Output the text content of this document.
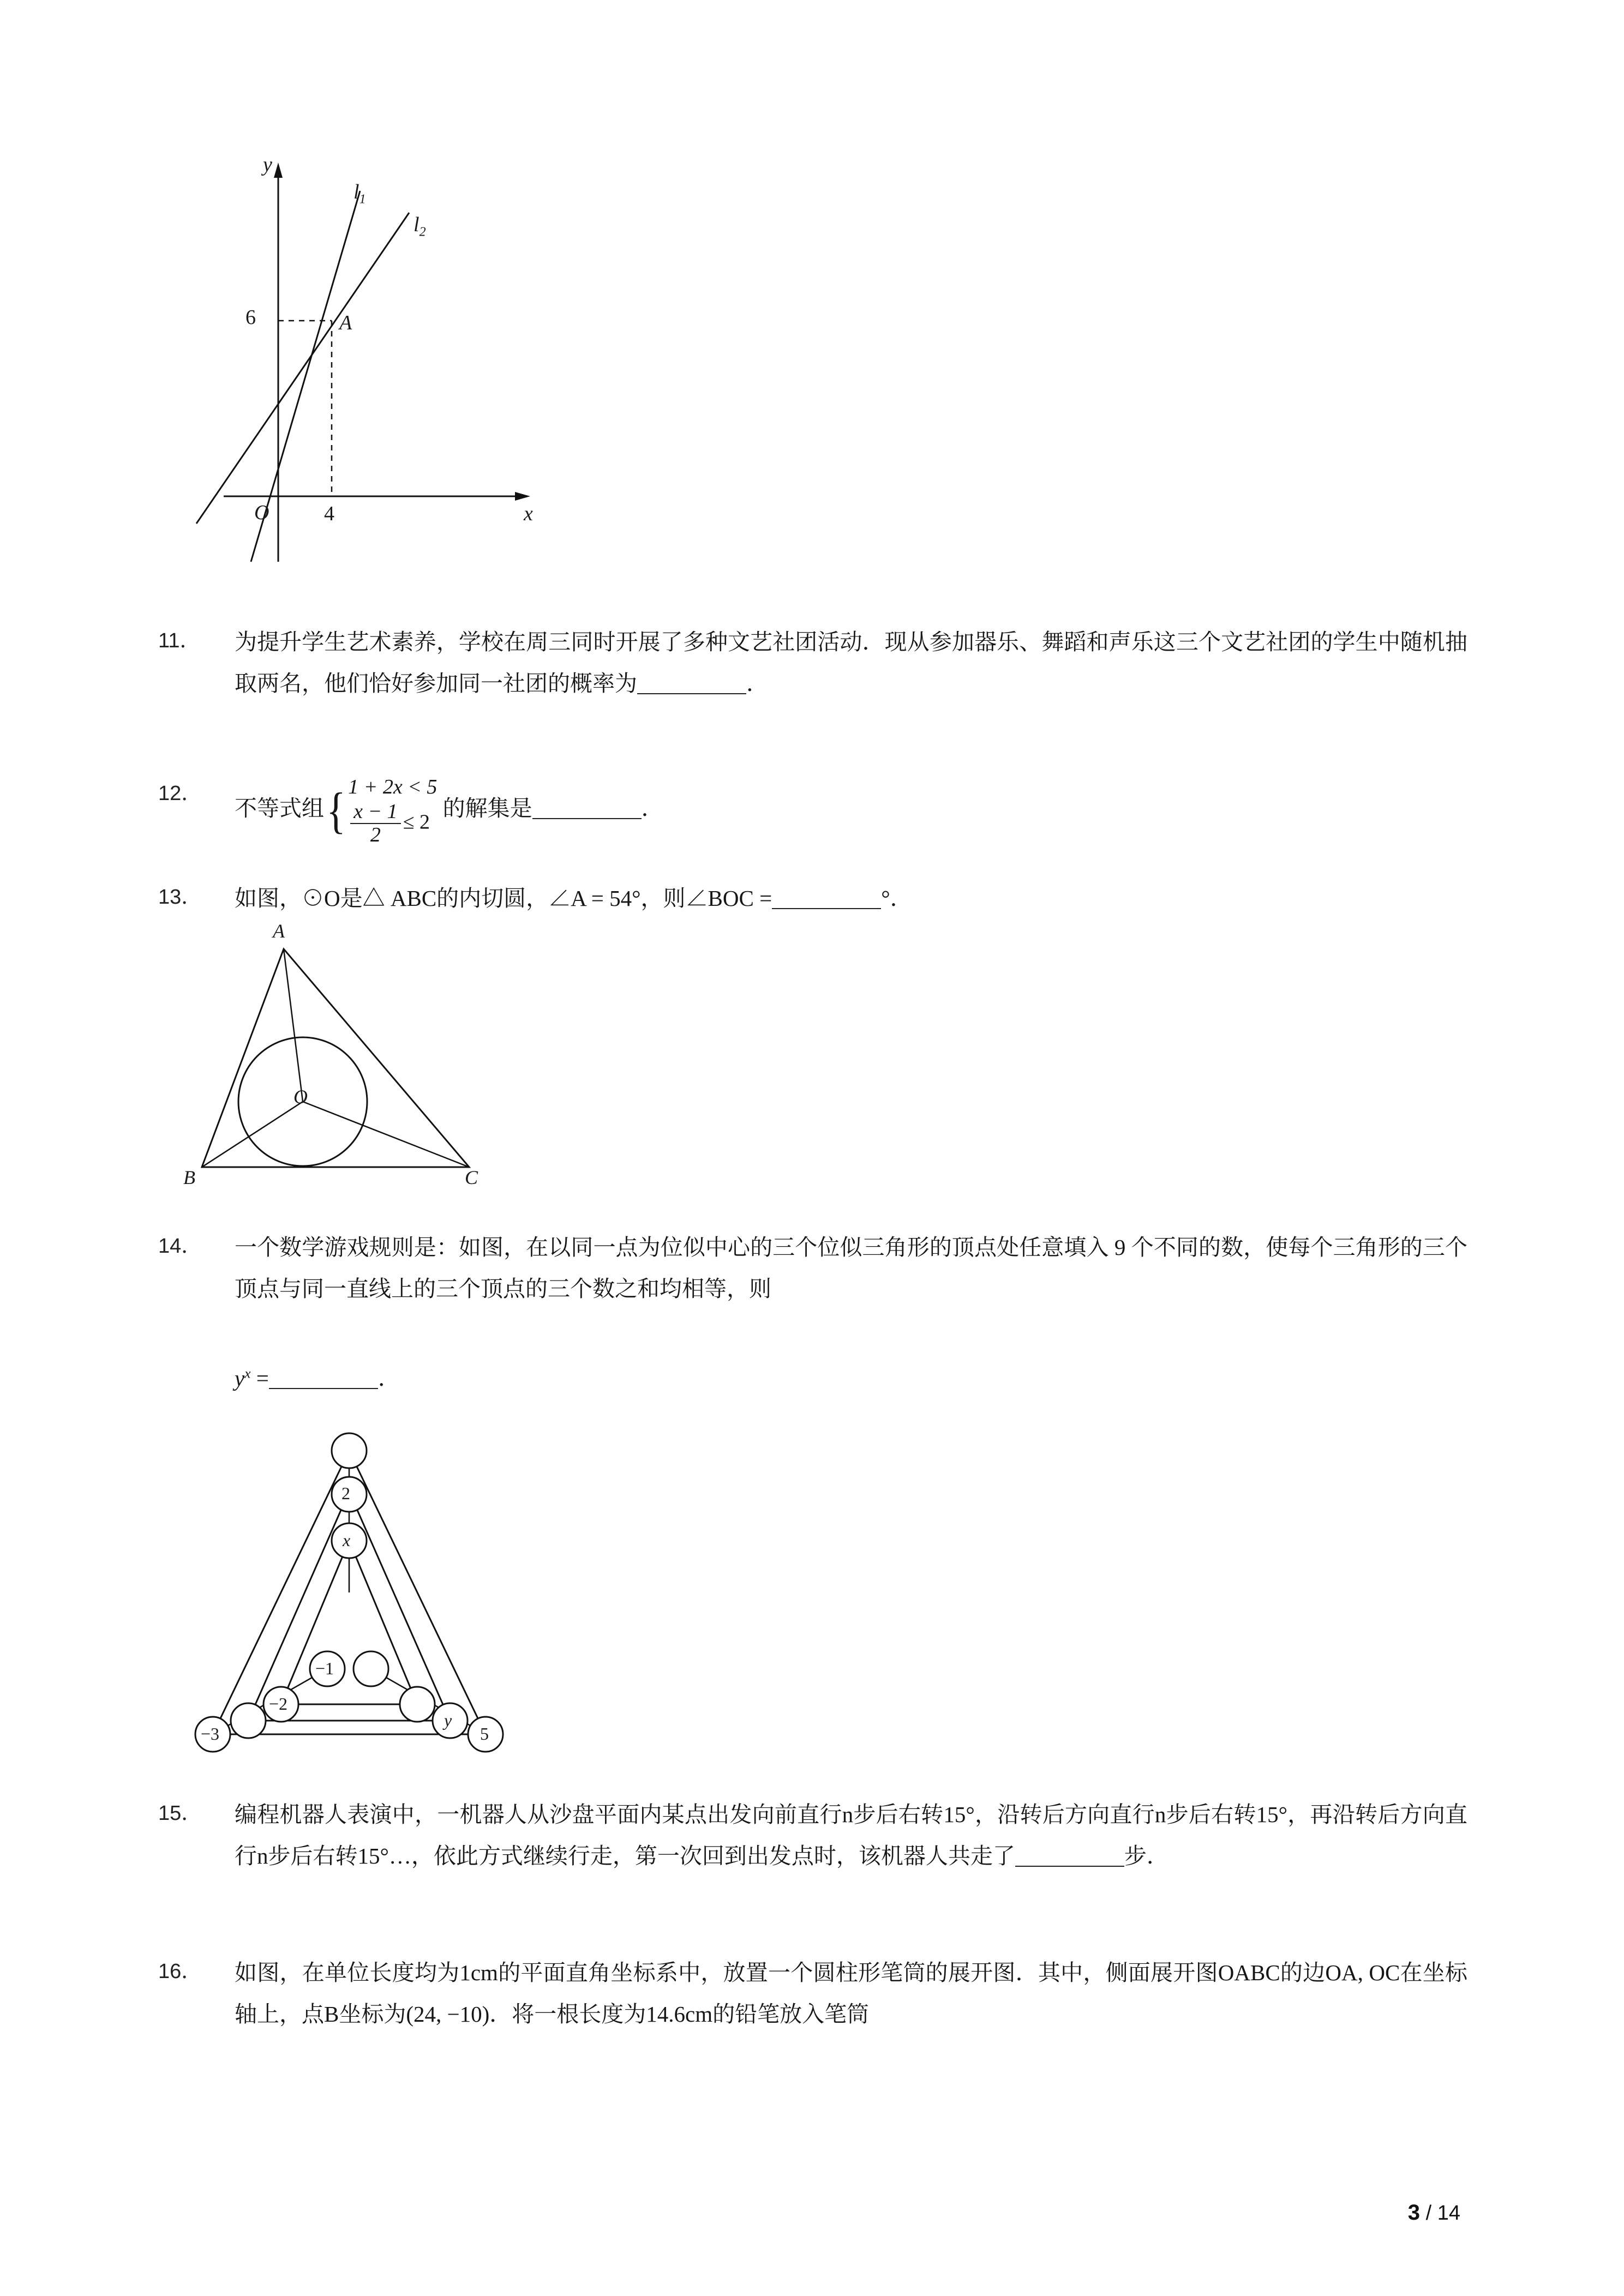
y
x
O
6
4
A
$l_1$
$l_2$
11．	为提升学生艺术素养，学校在周三同时开展了多种文艺社团活动．现从参加器乐、舞蹈和声乐这三个文艺社团的学生中随机抽取两名，他们恰好参加同一社团的概率为	．
12．
不等式组{ 1 + 2x < 5
$\frac{x - 1}{2} \le 2$
的解集是	．
13． 如图，⊙O是△ ABC的内切圆，∠A = 54°，则∠BOC =	°．
A
B	C
O
14． 一个数学游戏规则是：如图，在以同一点为位似中心的三个位似三角形的顶点处任意填入 9 个不同的数，使每个三角形的三个顶点与同一直线上的三个顶点的三个数之和均相等，则
$y^x$ =	．
2
x
−1
−2
y
−3	5
15． 编程机器人表演中，一机器人从沙盘平面内某点出发向前直行n步后右转15°，沿转后方向直行n步后右转15°，再沿转后方向直行n步后右转15°…，依此方式继续行走，第一次回到出发点时，该机器人共走了	步．
16． 如图，在单位长度均为1cm的平面直角坐标系中，放置一个圆柱形笔筒的展开图．其中，侧面展开图OABC的边OA, OC在坐标轴上，点B坐标为(24, −10)．将一根长度为14.6cm的铅笔放入笔筒
3 / 14
